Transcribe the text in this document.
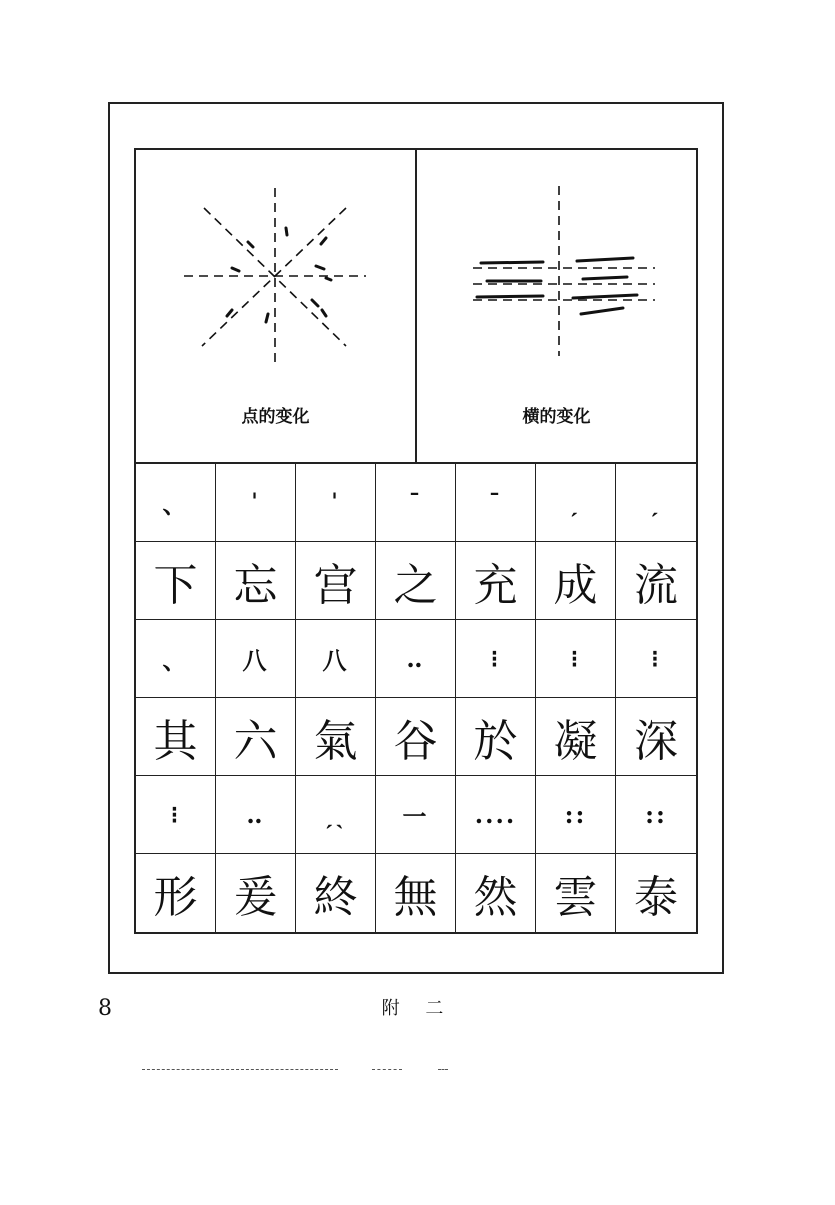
点的变化	横的变化
、	ˈ	ˈ	ˉ	ˉ	ˏ	ˏ
下 忘 宫 之 充 成 流
、	八	八	‥	⁝	⁝	⁝
其 六 氣 谷 於 凝 深
⁝	‥	ˏˎ	一	....	::	::
形 爰 終 無 然 雲 泰
8	附 二
